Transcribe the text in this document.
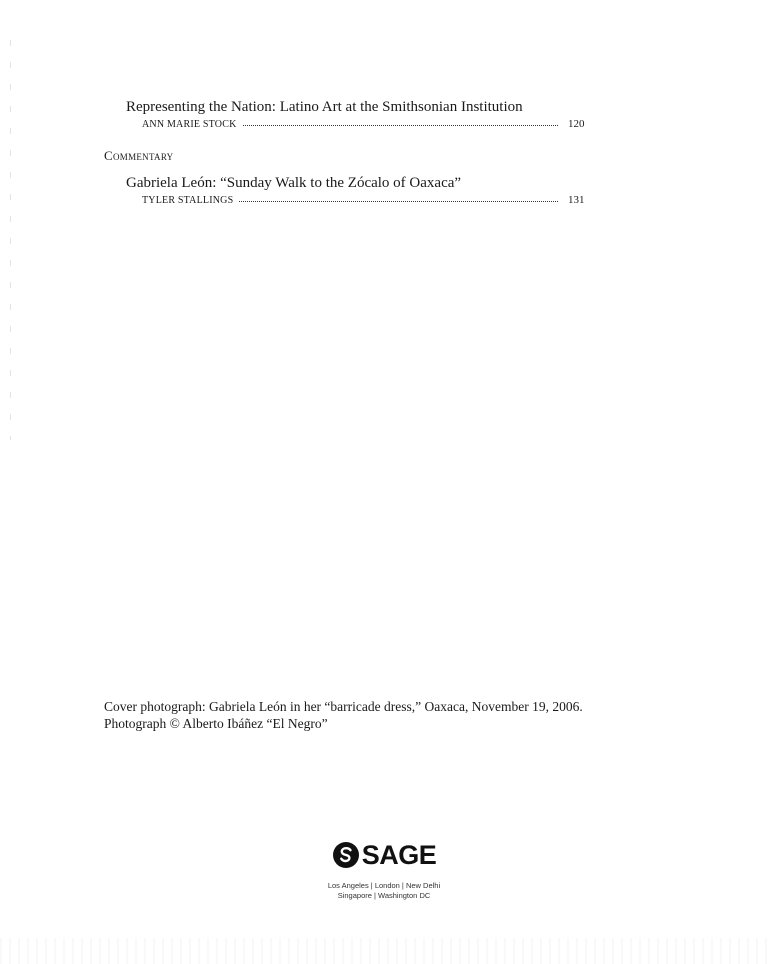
Representing the Nation: Latino Art at the Smithsonian Institution
ANN MARIE STOCK	120
Commentary
Gabriela León: “Sunday Walk to the Zócalo of Oaxaca”
TYLER STALLINGS	131
Cover photograph: Gabriela León in her “barricade dress,” Oaxaca, November 19, 2006.
Photograph © Alberto Ibáñez “El Negro”
SAGE
Los Angeles | London | New Delhi
Singapore | Washington DC
